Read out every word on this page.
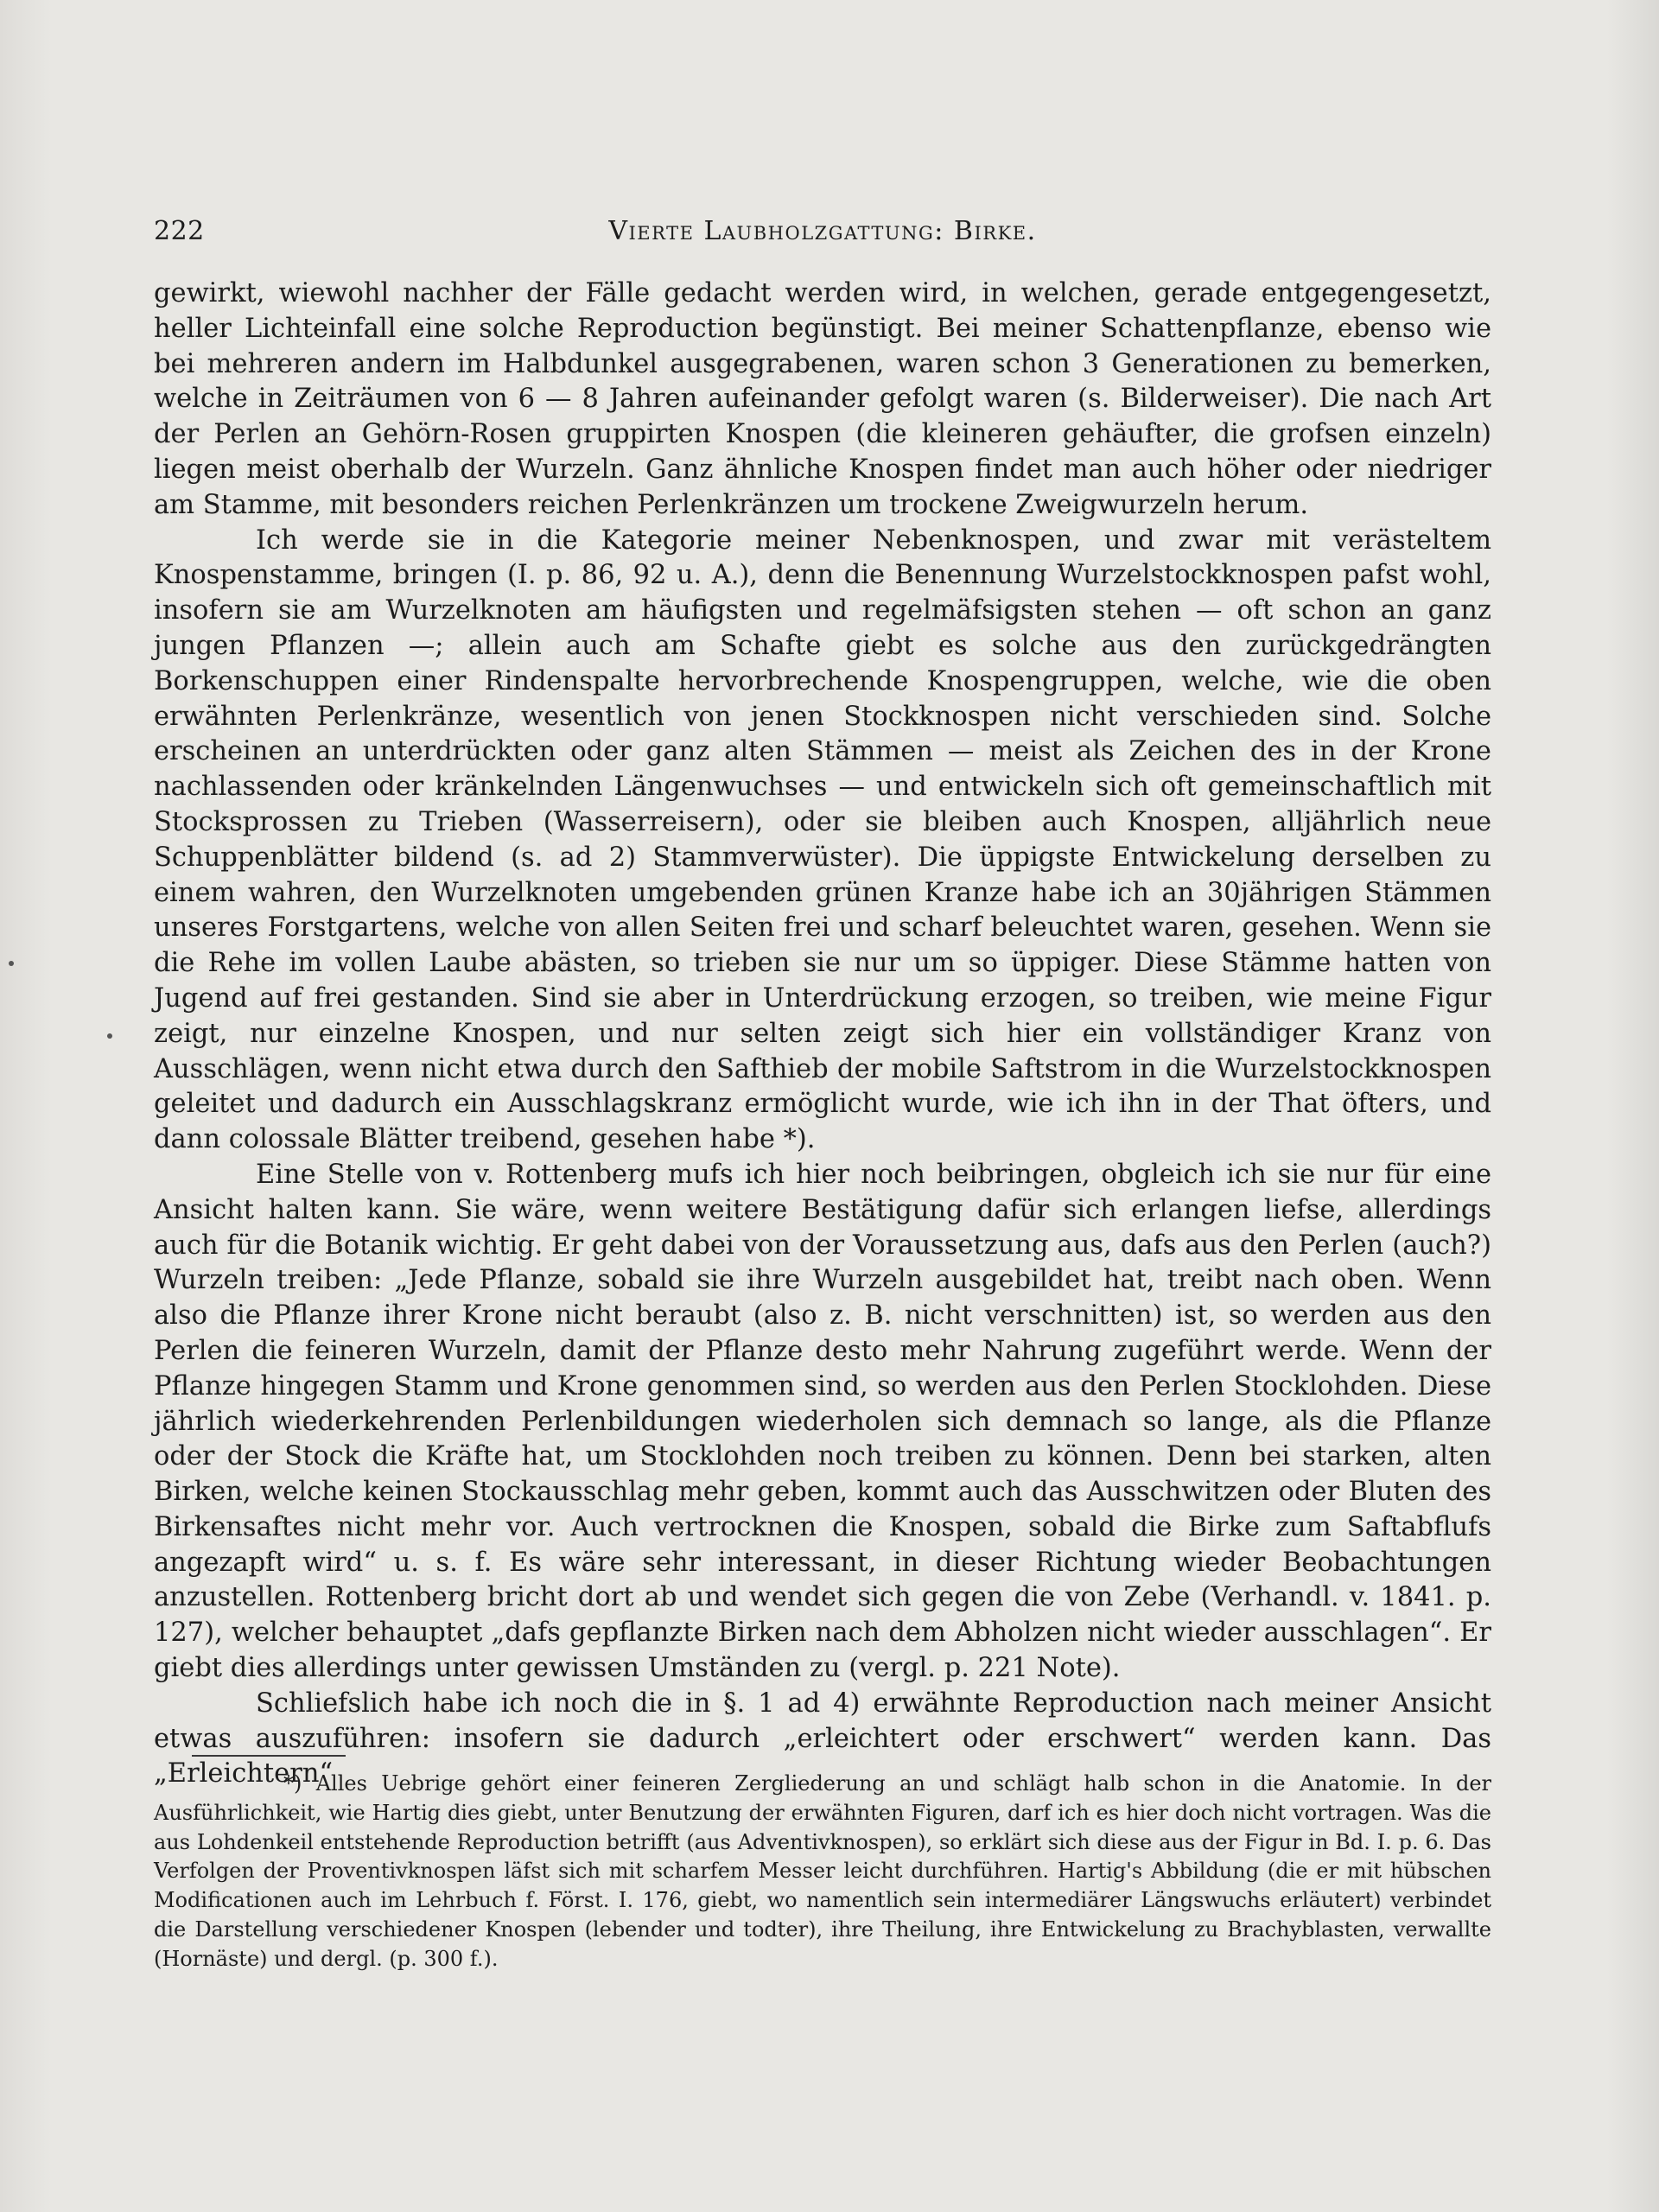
222	Vierte Laubholzgattung: Birke.

gewirkt, wiewohl nachher der Fälle gedacht werden wird, in welchen, gerade entgegengesetzt, heller Lichteinfall eine solche Reproduction begünstigt. Bei meiner Schattenpflanze, ebenso wie bei mehreren andern im Halbdunkel ausgegrabenen, waren schon 3 Generationen zu bemerken, welche in Zeiträumen von 6 — 8 Jahren aufeinander gefolgt waren (s. Bilderweiser). Die nach Art der Perlen an Gehörn-Rosen gruppirten Knospen (die kleineren gehäufter, die grofsen einzeln) liegen meist oberhalb der Wurzeln. Ganz ähnliche Knospen findet man auch höher oder niedriger am Stamme, mit besonders reichen Perlenkränzen um trockene Zweigwurzeln herum.

Ich werde sie in die Kategorie meiner Nebenknospen, und zwar mit verästeltem Knospenstamme, bringen (I. p. 86, 92 u. A.), denn die Benennung Wurzelstockknospen pafst wohl, insofern sie am Wurzelknoten am häufigsten und regelmäfsigsten stehen — oft schon an ganz jungen Pflanzen —; allein auch am Schafte giebt es solche aus den zurückgedrängten Borkenschuppen einer Rindenspalte hervorbrechende Knospengruppen, welche, wie die oben erwähnten Perlenkränze, wesentlich von jenen Stockknospen nicht verschieden sind. Solche erscheinen an unterdrückten oder ganz alten Stämmen — meist als Zeichen des in der Krone nachlassenden oder kränkelnden Längenwuchses — und entwickeln sich oft gemeinschaftlich mit Stocksprossen zu Trieben (Wasserreisern), oder sie bleiben auch Knospen, alljährlich neue Schuppenblätter bildend (s. ad 2) Stammverwüster). Die üppigste Entwickelung derselben zu einem wahren, den Wurzelknoten umgebenden grünen Kranze habe ich an 30jährigen Stämmen unseres Forstgartens, welche von allen Seiten frei und scharf beleuchtet waren, gesehen. Wenn sie die Rehe im vollen Laube abästen, so trieben sie nur um so üppiger. Diese Stämme hatten von Jugend auf frei gestanden. Sind sie aber in Unterdrückung erzogen, so treiben, wie meine Figur zeigt, nur einzelne Knospen, und nur selten zeigt sich hier ein vollständiger Kranz von Ausschlägen, wenn nicht etwa durch den Safthieb der mobile Saftstrom in die Wurzelstockknospen geleitet und dadurch ein Ausschlagskranz ermöglicht wurde, wie ich ihn in der That öfters, und dann colossale Blätter treibend, gesehen habe *).

Eine Stelle von v. Rottenberg mufs ich hier noch beibringen, obgleich ich sie nur für eine Ansicht halten kann. Sie wäre, wenn weitere Bestätigung dafür sich erlangen liefse, allerdings auch für die Botanik wichtig. Er geht dabei von der Voraussetzung aus, dafs aus den Perlen (auch?) Wurzeln treiben: „Jede Pflanze, sobald sie ihre Wurzeln ausgebildet hat, treibt nach oben. Wenn also die Pflanze ihrer Krone nicht beraubt (also z. B. nicht verschnitten) ist, so werden aus den Perlen die feineren Wurzeln, damit der Pflanze desto mehr Nahrung zugeführt werde. Wenn der Pflanze hingegen Stamm und Krone genommen sind, so werden aus den Perlen Stocklohden. Diese jährlich wiederkehrenden Perlenbildungen wiederholen sich demnach so lange, als die Pflanze oder der Stock die Kräfte hat, um Stocklohden noch treiben zu können. Denn bei starken, alten Birken, welche keinen Stockausschlag mehr geben, kommt auch das Ausschwitzen oder Bluten des Birkensaftes nicht mehr vor. Auch vertrocknen die Knospen, sobald die Birke zum Saftabflufs angezapft wird“ u. s. f. Es wäre sehr interessant, in dieser Richtung wieder Beobachtungen anzustellen. Rottenberg bricht dort ab und wendet sich gegen die von Zebe (Verhandl. v. 1841. p. 127), welcher behauptet „dafs gepflanzte Birken nach dem Abholzen nicht wieder ausschlagen“. Er giebt dies allerdings unter gewissen Umständen zu (vergl. p. 221 Note).

Schliefslich habe ich noch die in §. 1 ad 4) erwähnte Reproduction nach meiner Ansicht etwas auszuführen: insofern sie dadurch „erleichtert oder erschwert“ werden kann. Das „Erleichtern“

*) Alles Uebrige gehört einer feineren Zergliederung an und schlägt halb schon in die Anatomie. In der Ausführlichkeit, wie Hartig dies giebt, unter Benutzung der erwähnten Figuren, darf ich es hier doch nicht vortragen. Was die aus Lohdenkeil entstehende Reproduction betrifft (aus Adventivknospen), so erklärt sich diese aus der Figur in Bd. I. p. 6. Das Verfolgen der Proventivknospen läfst sich mit scharfem Messer leicht durchführen. Hartig's Abbildung (die er mit hübschen Modificationen auch im Lehrbuch f. Först. I. 176, giebt, wo namentlich sein intermediärer Längswuchs erläutert) verbindet die Darstellung verschiedener Knospen (lebender und todter), ihre Theilung, ihre Entwickelung zu Brachyblasten, verwallte (Hornäste) und dergl. (p. 300 f.).
